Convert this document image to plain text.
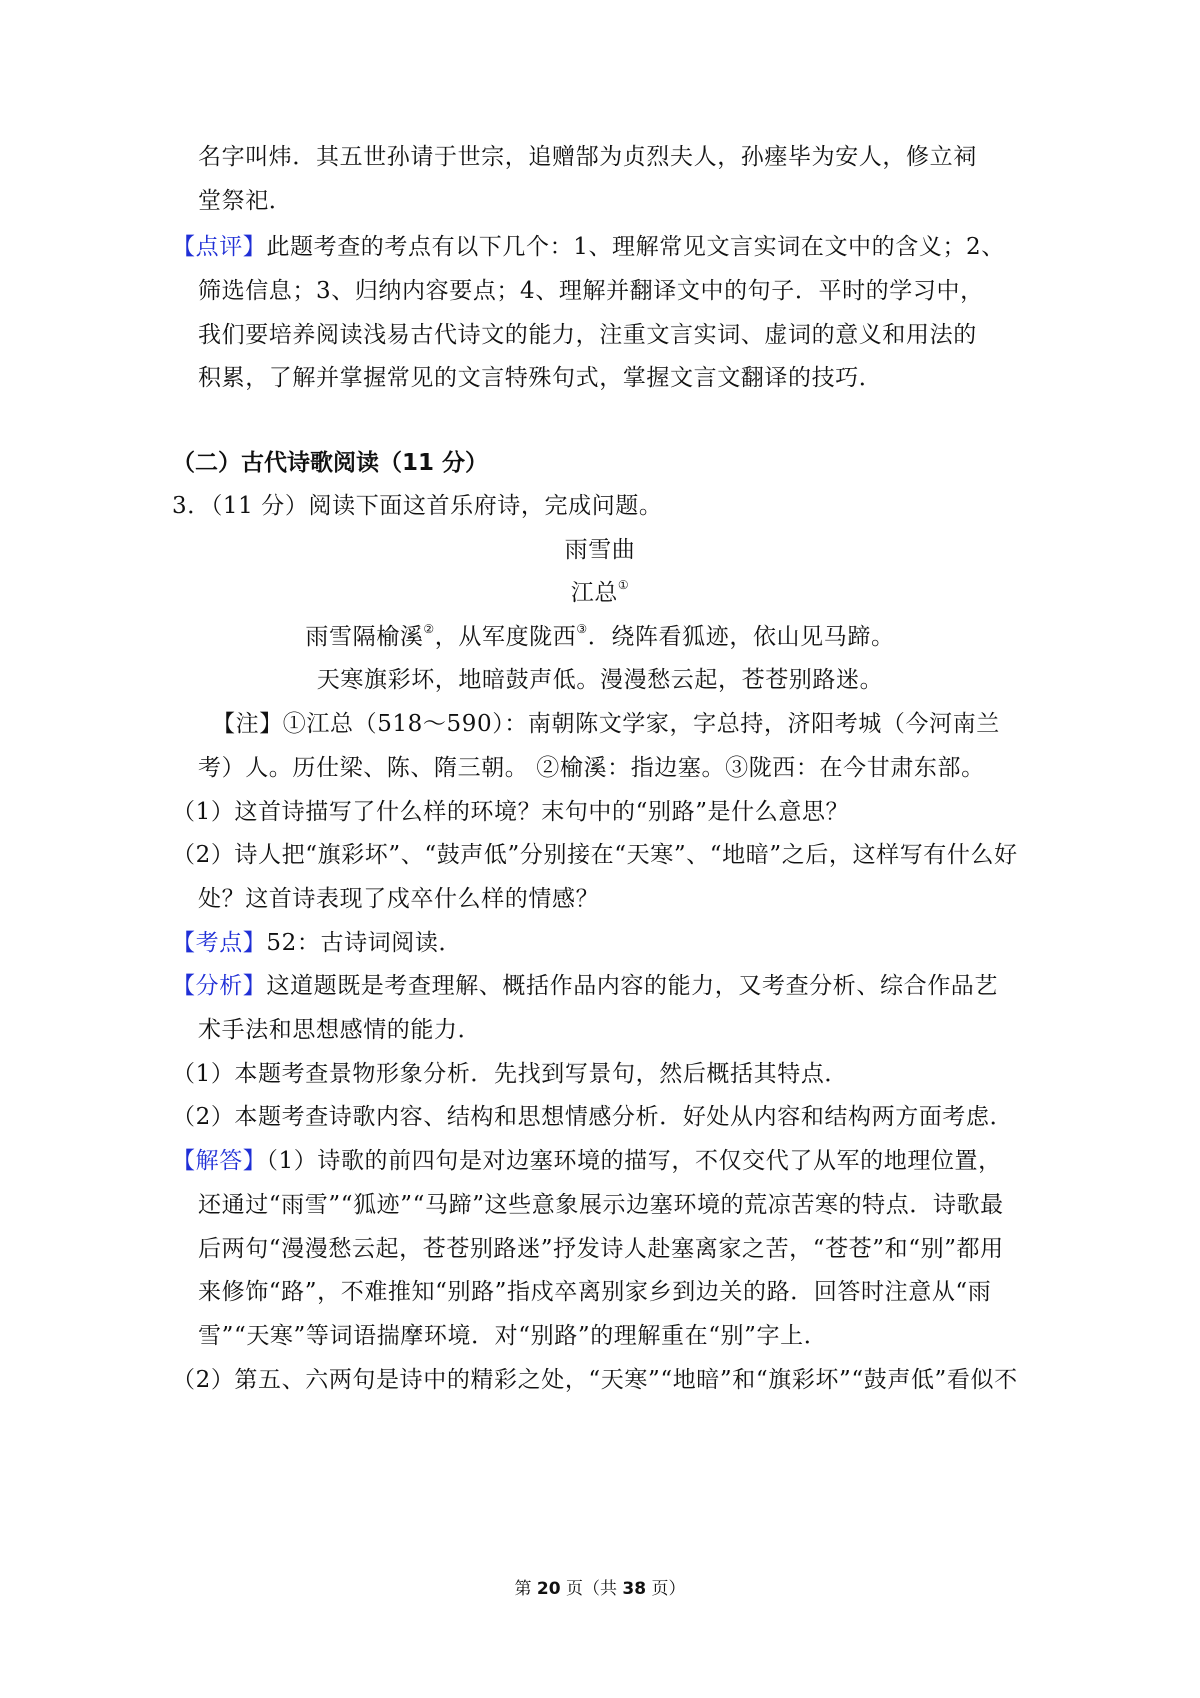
名字叫炜．其五世孙请于世宗，追赠郜为贞烈夫人，孙瘗毕为安人，修立祠
堂祭祀．
【点评】此题考查的考点有以下几个：1、理解常见文言实词在文中的含义；2、
筛选信息；3、归纳内容要点；4、理解并翻译文中的句子．平时的学习中，
我们要培养阅读浅易古代诗文的能力，注重文言实词、虚词的意义和用法的
积累，了解并掌握常见的文言特殊句式，掌握文言文翻译的技巧．
（二）古代诗歌阅读（11 分）
3．（11 分）阅读下面这首乐府诗，完成问题。
雨雪曲
江总①
雨雪隔榆溪②，从军度陇西③．绕阵看狐迹，依山见马蹄。
天寒旗彩坏，地暗鼓声低。漫漫愁云起，苍苍别路迷。
【注】①江总（518～590）：南朝陈文学家，字总持，济阳考城（今河南兰
考）人。历仕梁、陈、隋三朝。 ②榆溪：指边塞。③陇西：在今甘肃东部。
（1）这首诗描写了什么样的环境？末句中的“别路”是什么意思？
（2）诗人把“旗彩坏”、“鼓声低”分别接在“天寒”、“地暗”之后，这样写有什么好
处？这首诗表现了戍卒什么样的情感？
【考点】52：古诗词阅读．
【分析】这道题既是考查理解、概括作品内容的能力，又考查分析、综合作品艺
术手法和思想感情的能力．
（1）本题考查景物形象分析．先找到写景句，然后概括其特点．
（2）本题考查诗歌内容、结构和思想情感分析．好处从内容和结构两方面考虑．
【解答】（1）诗歌的前四句是对边塞环境的描写，不仅交代了从军的地理位置，
还通过“雨雪”“狐迹”“马蹄”这些意象展示边塞环境的荒凉苦寒的特点．诗歌最
后两句“漫漫愁云起，苍苍别路迷”抒发诗人赴塞离家之苦，“苍苍”和“别”都用
来修饰“路”，不难推知“别路”指戍卒离别家乡到边关的路．回答时注意从“雨
雪”“天寒”等词语揣摩环境．对“别路”的理解重在“别”字上．
（2）第五、六两句是诗中的精彩之处，“天寒”“地暗”和“旗彩坏”“鼓声低”看似不
第 20 页（共 38 页）
